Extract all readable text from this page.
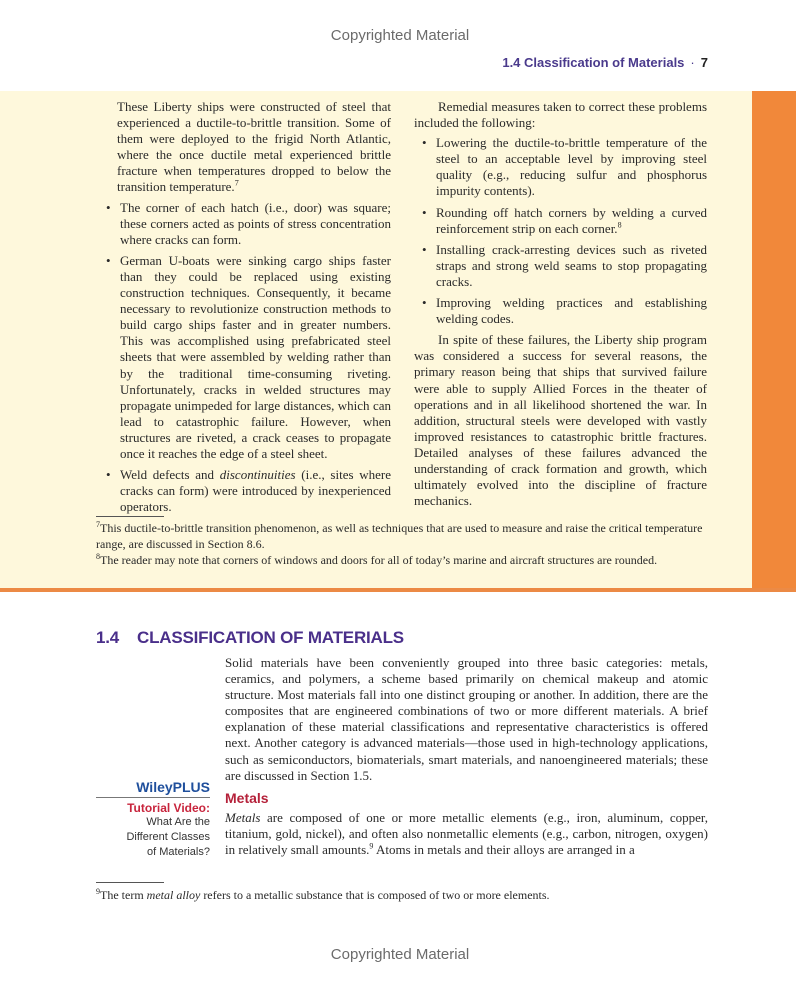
Copyrighted Material
1.4 Classification of Materials · 7

These Liberty ships were constructed of steel that experienced a ductile-to-brittle transition. Some of them were deployed to the frigid North Atlantic, where the once ductile metal experienced brittle fracture when temperatures dropped to below the transition temperature.$^7$

• The corner of each hatch (i.e., door) was square; these corners acted as points of stress concentration where cracks can form.
• German U-boats were sinking cargo ships faster than they could be replaced using existing construction techniques. Consequently, it became necessary to revolutionize construction methods to build cargo ships faster and in greater numbers. This was accomplished using prefabricated steel sheets that were assembled by welding rather than by the traditional time-consuming riveting. Unfortunately, cracks in welded structures may propagate unimpeded for large distances, which can lead to catastrophic failure. However, when structures are riveted, a crack ceases to propagate once it reaches the edge of a steel sheet.
• Weld defects and discontinuities (i.e., sites where cracks can form) were introduced by inexperienced operators.

Remedial measures taken to correct these problems included the following:

• Lowering the ductile-to-brittle temperature of the steel to an acceptable level by improving steel quality (e.g., reducing sulfur and phosphorus impurity contents).
• Rounding off hatch corners by welding a curved reinforcement strip on each corner.$^8$
• Installing crack-arresting devices such as riveted straps and strong weld seams to stop propagating cracks.
• Improving welding practices and establishing welding codes.

In spite of these failures, the Liberty ship program was considered a success for several reasons, the primary reason being that ships that survived failure were able to supply Allied Forces in the theater of operations and in all likelihood shortened the war. In addition, structural steels were developed with vastly improved resistances to catastrophic brittle fractures. Detailed analyses of these failures advanced the understanding of crack formation and growth, which ultimately evolved into the discipline of fracture mechanics.

$^7$This ductile-to-brittle transition phenomenon, as well as techniques that are used to measure and raise the critical temperature range, are discussed in Section 8.6.
$^8$The reader may note that corners of windows and doors for all of today’s marine and aircraft structures are rounded.
1.4 CLASSIFICATION OF MATERIALS
Solid materials have been conveniently grouped into three basic categories: metals, ceramics, and polymers, a scheme based primarily on chemical makeup and atomic structure. Most materials fall into one distinct grouping or another. In addition, there are the composites that are engineered combinations of two or more different materials. A brief explanation of these material classifications and representative characteristics is offered next. Another category is advanced materials—those used in high-technology applications, such as semiconductors, biomaterials, smart materials, and nanoengineered materials; these are discussed in Section 1.5.
WileyPLUS
Tutorial Video:
What Are the
Different Classes
of Materials?
Metals
Metals are composed of one or more metallic elements (e.g., iron, aluminum, copper, titanium, gold, nickel), and often also nonmetallic elements (e.g., carbon, nitrogen, oxygen) in relatively small amounts.$^9$ Atoms in metals and their alloys are arranged in a
$^9$The term metal alloy refers to a metallic substance that is composed of two or more elements.
Copyrighted Material
